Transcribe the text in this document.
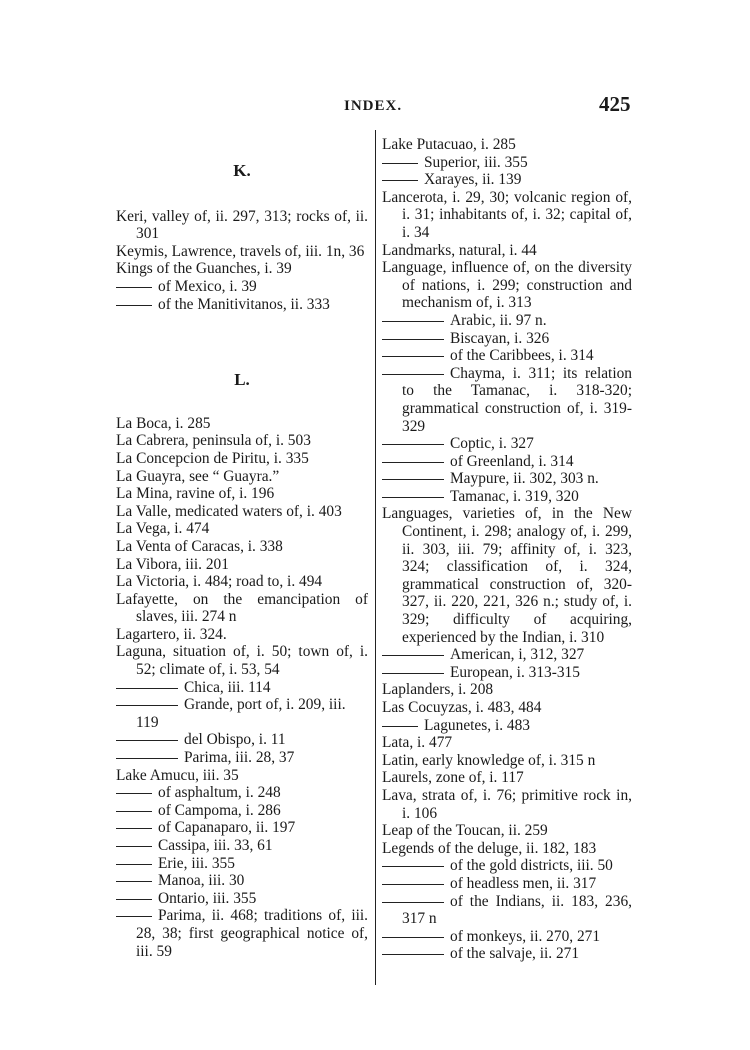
INDEX.	425
K.
Keri, valley of, ii. 297, 313; rocks of, ii. 301
Keymis, Lawrence, travels of, iii. 1n, 36
Kings of the Guanches, i. 39
of Mexico, i. 39
of the Manitivitanos, ii. 333
L.
La Boca, i. 285
La Cabrera, peninsula of, i. 503
La Concepcion de Piritu, i. 335
La Guayra, see “ Guayra.”
La Mina, ravine of, i. 196
La Valle, medicated waters of, i. 403
La Vega, i. 474
La Venta of Caracas, i. 338
La Vibora, iii. 201
La Victoria, i. 484; road to, i. 494
Lafayette, on the emancipation of slaves, iii. 274 n
Lagartero, ii. 324.
Laguna, situation of, i. 50; town of, i. 52; climate of, i. 53, 54
Chica, iii. 114
Grande, port of, i. 209, iii. 119
del Obispo, i. 11
Parima, iii. 28, 37
Lake Amucu, iii. 35
of asphaltum, i. 248
of Campoma, i. 286
of Capanaparo, ii. 197
Cassipa, iii. 33, 61
Erie, iii. 355
Manoa, iii. 30
Ontario, iii. 355
Parima, ii. 468; traditions of, iii. 28, 38; first geographical notice of, iii. 59
Lake Putacuao, i. 285
Superior, iii. 355
Xarayes, ii. 139
Lancerota, i. 29, 30; volcanic region of, i. 31; inhabitants of, i. 32; capital of, i. 34
Landmarks, natural, i. 44
Language, influence of, on the diversity of nations, i. 299; construction and mechanism of, i. 313
Arabic, ii. 97 n.
Biscayan, i. 326
of the Caribbees, i. 314
Chayma, i. 311; its relation to the Tamanac, i. 318-320; grammatical construction of, i. 319-329
Coptic, i. 327
of Greenland, i. 314
Maypure, ii. 302, 303 n.
Tamanac, i. 319, 320
Languages, varieties of, in the New Continent, i. 298; analogy of, i. 299, ii. 303, iii. 79; affinity of, i. 323, 324; classification of, i. 324, grammatical construction of, 320-327, ii. 220, 221, 326 n.; study of, i. 329; difficulty of acquiring, experienced by the Indian, i. 310
American, i, 312, 327
European, i. 313-315
Laplanders, i. 208
Las Cocuyzas, i. 483, 484
Lagunetes, i. 483
Lata, i. 477
Latin, early knowledge of, i. 315 n
Laurels, zone of, i. 117
Lava, strata of, i. 76; primitive rock in, i. 106
Leap of the Toucan, ii. 259
Legends of the deluge, ii. 182, 183
of the gold districts, iii. 50
of headless men, ii. 317
of the Indians, ii. 183, 236, 317 n
of monkeys, ii. 270, 271
of the salvaje, ii. 271
